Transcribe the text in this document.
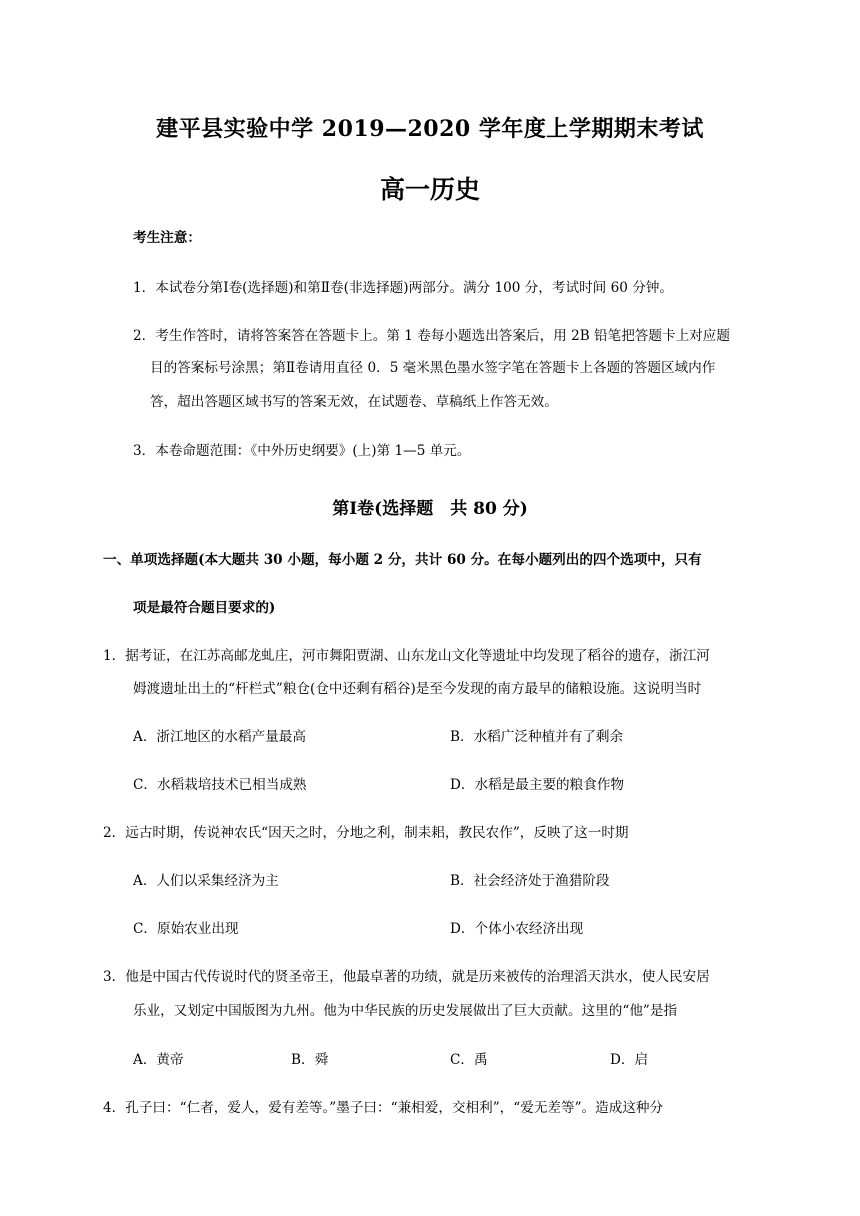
建平县实验中学 2019—2020 学年度上学期期末考试
高一历史
考生注意：
1．本试卷分第Ⅰ卷(选择题)和第Ⅱ卷(非选择题)两部分。满分 100 分，考试时间 60 分钟。
2．考生作答时，请将答案答在答题卡上。第 1 卷每小题选出答案后，用 2B 铅笔把答题卡上对应题
目的答案标号涂黑；第Ⅱ卷请用直径 0．5 毫米黑色墨水签字笔在答题卡上各题的答题区域内作
答，超出答题区域书写的答案无效，在试题卷、草稿纸上作答无效。
3．本卷命题范围：《中外历史纲要》(上)第 1—5 单元。
第Ⅰ卷(选择题　共 80 分)
一、单项选择题(本大题共 30 小题，每小题 2 分，共计 60 分。在每小题列出的四个选项中，只有
项是最符合题目要求的)
1．据考证，在江苏高邮龙虬庄，河市舞阳贾湖、山东龙山文化等遗址中均发现了稻谷的遗存，浙江河
姆渡遗址出土的“杆栏式”粮仓(仓中还剩有稻谷)是至今发现的南方最早的储粮设施。这说明当时
A．浙江地区的水稻产量最高	B．水稻广泛种植并有了剩余
C．水稻栽培技术已相当成熟	D．水稻是最主要的粮食作物
2．远古时期，传说神农氏“因天之时，分地之利，制耒耜，教民农作”，反映了这一时期
A．人们以采集经济为主	B．社会经济处于渔猎阶段
C．原始农业出现	D．个体小农经济出现
3．他是中国古代传说时代的贤圣帝王，他最卓著的功绩，就是历来被传的治理滔天洪水，使人民安居
乐业，又划定中国版图为九州。他为中华民族的历史发展做出了巨大贡献。这里的“他”是指
A．黄帝	B．舜	C．禹	D．启
4．孔子曰：“仁者，爱人，爱有差等。”墨子曰：“兼相爱，交相利”，“爱无差等”。造成这种分
